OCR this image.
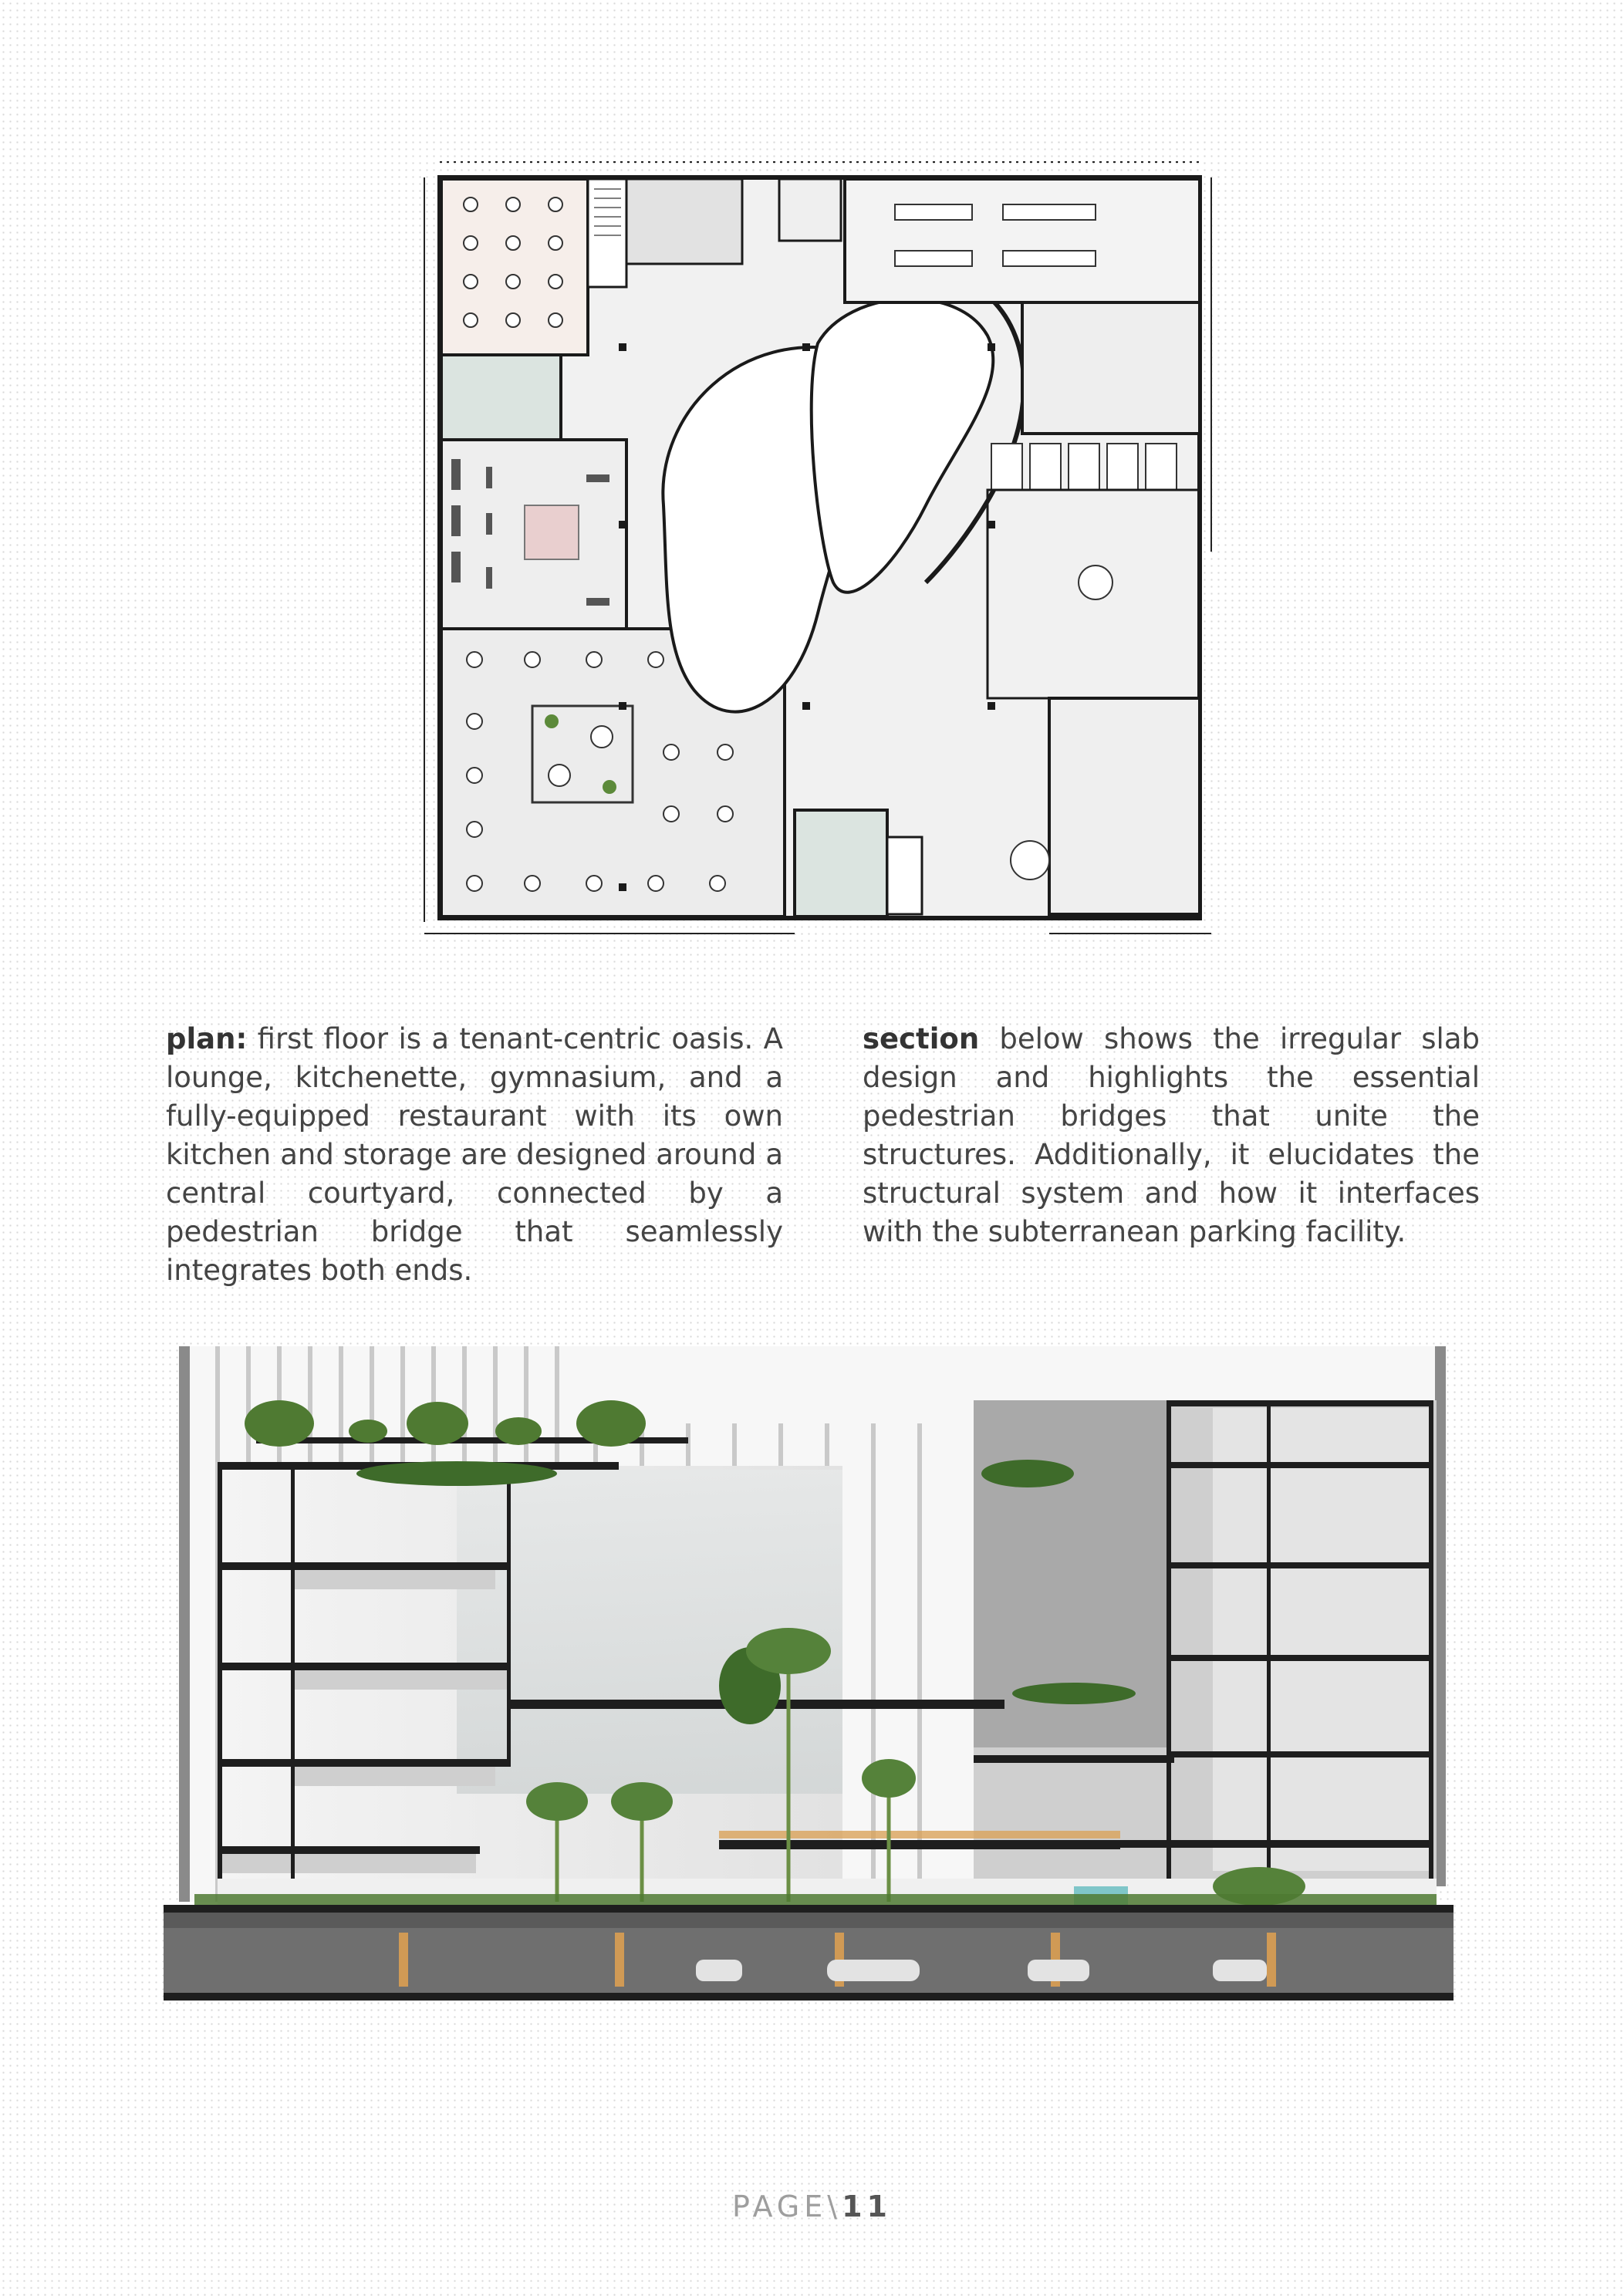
plan: first floor is a tenant-centric oasis. A lounge, kitchenette, gymnasium, and a fully-equipped restaurant with its own kitchen and storage are designed around a central courtyard, connected by a pedestrian bridge that seamlessly integrates both ends.
section below shows the irregular slab design and highlights the essential pedestrian bridges that unite the structures. Additionally, it elucidates the structural system and how it interfaces with the subterranean parking facility.
PAGE\11
